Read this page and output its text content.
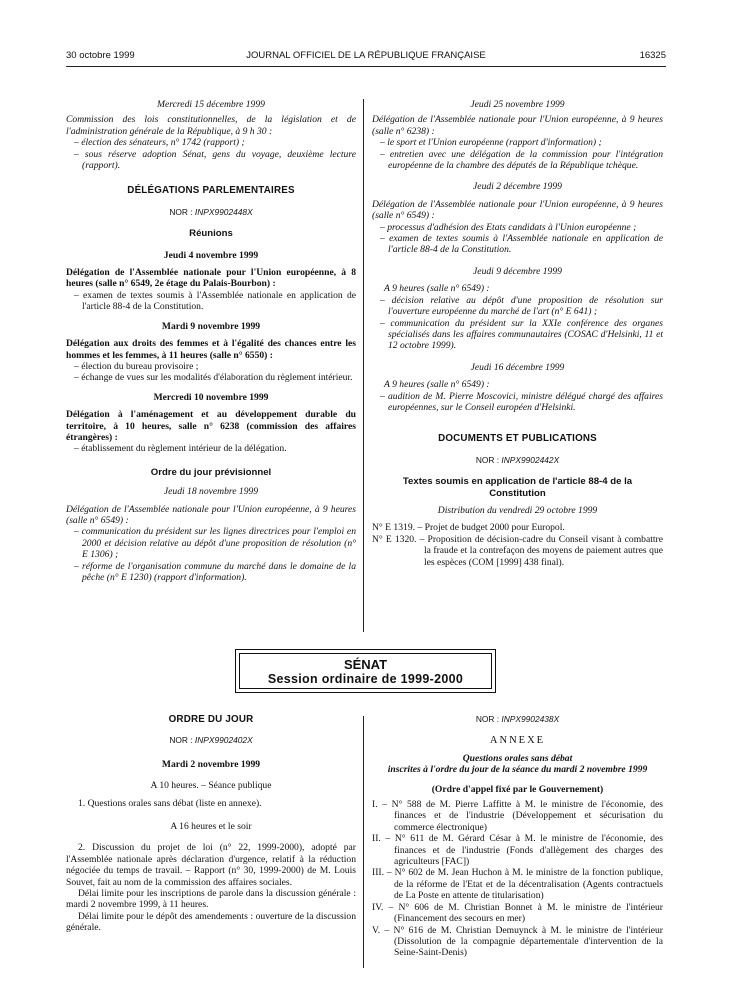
30 octobre 1999	JOURNAL OFFICIEL DE LA RÉPUBLIQUE FRANÇAISE	16325

Mercredi 15 décembre 1999

Commission des lois constitutionnelles, de la législation et de l'administration générale de la République, à 9 h 30 :

– élection des sénateurs, n° 1742 (rapport) ;
– sous réserve adoption Sénat, gens du voyage, deuxième lecture (rapport).

DÉLÉGATIONS PARLEMENTAIRES

NOR : INPX9902448X

Réunions

Jeudi 4 novembre 1999

Délégation de l'Assemblée nationale pour l'Union européenne, à 8 heures (salle n° 6549, 2e étage du Palais-Bourbon) :

– examen de textes soumis à l'Assemblée nationale en application de l'article 88-4 de la Constitution.

Mardi 9 novembre 1999

Délégation aux droits des femmes et à l'égalité des chances entre les hommes et les femmes, à 11 heures (salle n° 6550) :

– élection du bureau provisoire ;
– échange de vues sur les modalités d'élaboration du règlement intérieur.

Mercredi 10 novembre 1999

Délégation à l'aménagement et au développement durable du territoire, à 10 heures, salle n° 6238 (commission des affaires étrangères) :

– établissement du règlement intérieur de la délégation.

Ordre du jour prévisionnel

Jeudi 18 novembre 1999

Délégation de l'Assemblée nationale pour l'Union européenne, à 9 heures (salle n° 6549) :

– communication du président sur les lignes directrices pour l'emploi en 2000 et décision relative au dépôt d'une proposition de résolution (n° E 1306) ;
– réforme de l'organisation commune du marché dans le domaine de la pêche (n° E 1230) (rapport d'information).

Jeudi 25 novembre 1999

Délégation de l'Assemblée nationale pour l'Union européenne, à 9 heures (salle n° 6238) :

– le sport et l'Union européenne (rapport d'information) ;
– entretien avec une délégation de la commission pour l'intégration européenne de la chambre des députés de la République tchèque.

Jeudi 2 décembre 1999

Délégation de l'Assemblée nationale pour l'Union européenne, à 9 heures (salle n° 6549) :

– processus d'adhésion des Etats candidats à l'Union européenne ;
– examen de textes soumis à l'Assemblée nationale en application de l'article 88-4 de la Constitution.

Jeudi 9 décembre 1999

A 9 heures (salle n° 6549) :

– décision relative au dépôt d'une proposition de résolution sur l'ouverture européenne du marché de l'art (n° E 641) ;
– communication du président sur la XXIe conférence des organes spécialisés dans les affaires communautaires (COSAC d'Helsinki, 11 et 12 octobre 1999).

Jeudi 16 décembre 1999

A 9 heures (salle n° 6549) :

– audition de M. Pierre Moscovici, ministre délégué chargé des affaires européennes, sur le Conseil européen d'Helsinki.

DOCUMENTS ET PUBLICATIONS

NOR : INPX9902442X

Textes soumis en application de l'article 88-4 de la Constitution

Distribution du vendredi 29 octobre 1999

N° E 1319. – Projet de budget 2000 pour Europol.
N° E 1320. – Proposition de décision-cadre du Conseil visant à combattre la fraude et la contrefaçon des moyens de paiement autres que les espèces (COM [1999] 438 final).
SÉNAT
Session ordinaire de 1999-2000

ORDRE DU JOUR

NOR : INPX9902402X

Mardi 2 novembre 1999

A 10 heures. – Séance publique

1. Questions orales sans débat (liste en annexe).

A 16 heures et le soir

2. Discussion du projet de loi (n° 22, 1999-2000), adopté par l'Assemblée nationale après déclaration d'urgence, relatif à la réduction négociée du temps de travail. – Rapport (n° 30, 1999-2000) de M. Louis Souvet, fait au nom de la commission des affaires sociales.

Délai limite pour les inscriptions de parole dans la discussion générale : mardi 2 novembre 1999, à 11 heures.

Délai limite pour le dépôt des amendements : ouverture de la discussion générale.

NOR : INPX9902438X

ANNEXE

Questions orales sans débat

inscrites à l'ordre du jour de la séance du mardi 2 novembre 1999

(Ordre d'appel fixé par le Gouvernement)

I. – N° 588 de M. Pierre Laffitte à M. le ministre de l'économie, des finances et de l'industrie (Développement et sécurisation du commerce électronique)
II. – N° 611 de M. Gérard César à M. le ministre de l'économie, des finances et de l'industrie (Fonds d'allègement des charges des agriculteurs [FAC])
III. – N° 602 de M. Jean Huchon à M. le ministre de la fonction publique, de la réforme de l'Etat et de la décentralisation (Agents contractuels de La Poste en attente de titularisation)
IV. – N° 606 de M. Christian Bonnet à M. le ministre de l'intérieur (Financement des secours en mer)
V. – N° 616 de M. Christian Demuynck à M. le ministre de l'intérieur (Dissolution de la compagnie départementale d'intervention de la Seine-Saint-Denis)
